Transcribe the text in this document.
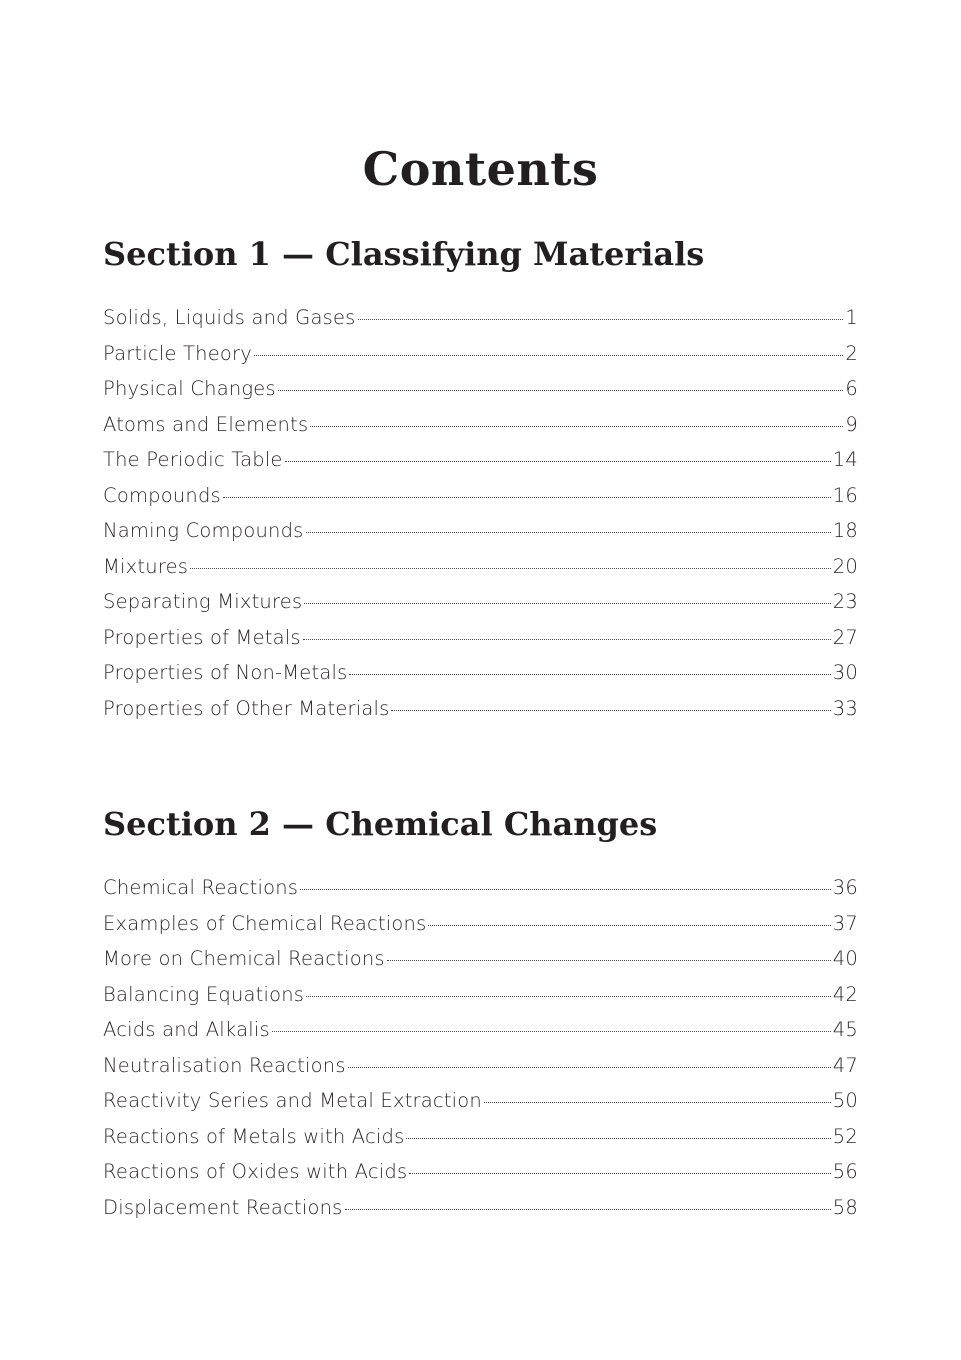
Contents
Section 1 — Classifying Materials
Solids, Liquids and Gases	1
Particle Theory	2
Physical Changes	6
Atoms and Elements	9
The Periodic Table	14
Compounds	16
Naming Compounds	18
Mixtures	20
Separating Mixtures	23
Properties of Metals	27
Properties of Non-Metals	30
Properties of Other Materials	33
Section 2 — Chemical Changes
Chemical Reactions	36
Examples of Chemical Reactions	37
More on Chemical Reactions	40
Balancing Equations	42
Acids and Alkalis	45
Neutralisation Reactions	47
Reactivity Series and Metal Extraction	50
Reactions of Metals with Acids	52
Reactions of Oxides with Acids	56
Displacement Reactions	58
